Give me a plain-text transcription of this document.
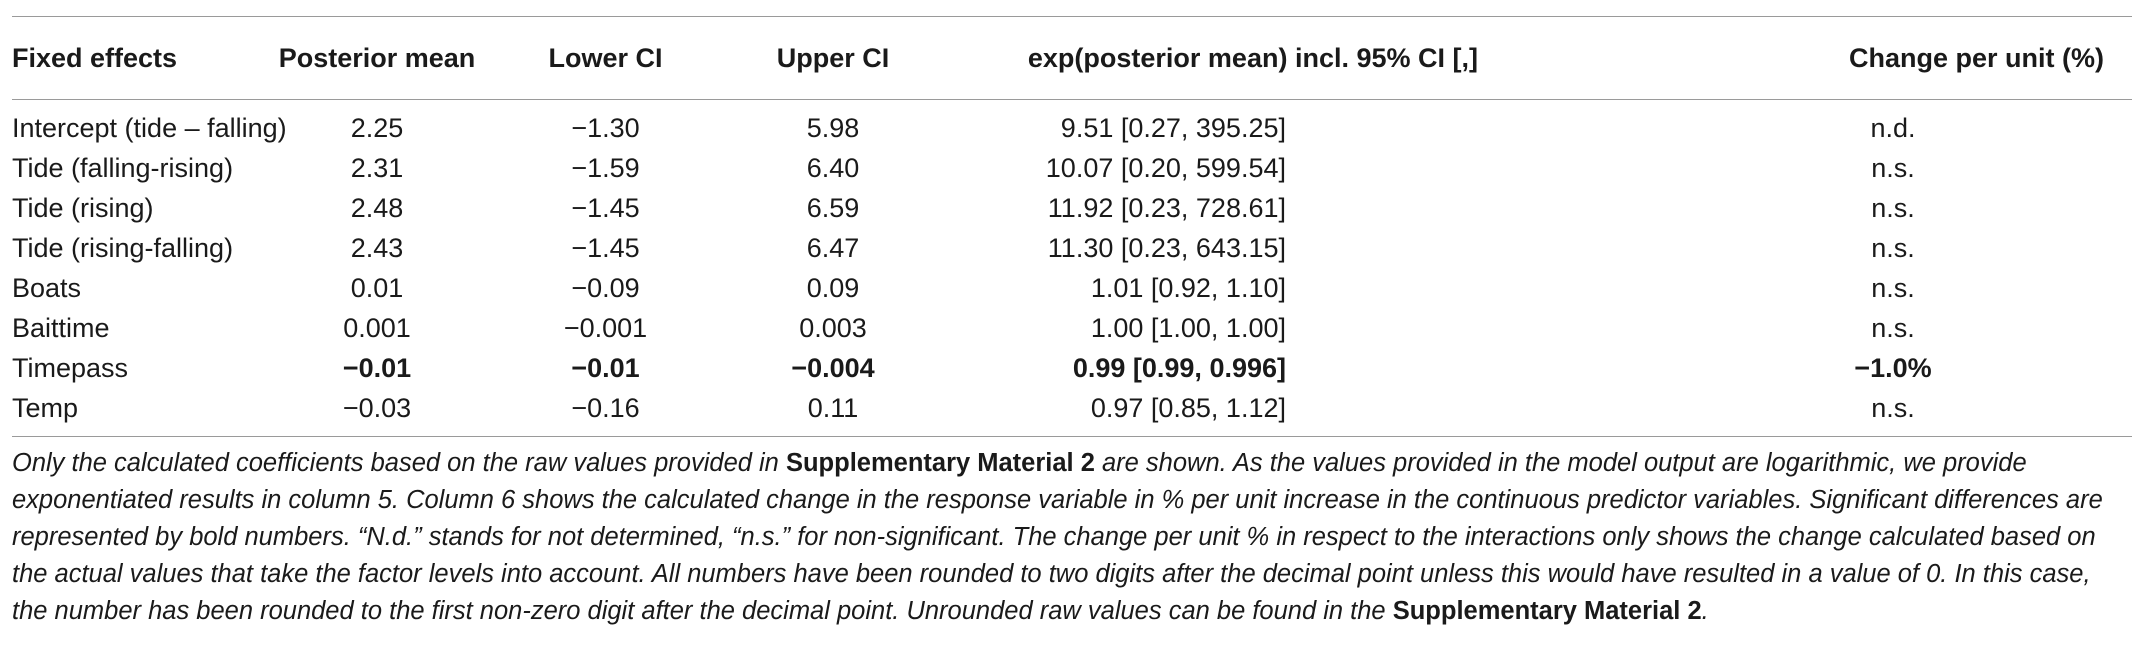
Fixed effects	Posterior mean	Lower CI	Upper CI	exp(posterior mean) incl. 95% CI [,]	Change per unit (%)
Intercept (tide – falling)	2.25	−1.30	5.98	9.51 [0.27, 395.25]	n.d.
Tide (falling-rising)	2.31	−1.59	6.40	10.07 [0.20, 599.54]	n.s.
Tide (rising)	2.48	−1.45	6.59	11.92 [0.23, 728.61]	n.s.
Tide (rising-falling)	2.43	−1.45	6.47	11.30 [0.23, 643.15]	n.s.
Boats	0.01	−0.09	0.09	1.01 [0.92, 1.10]	n.s.
Baittime	0.001	−0.001	0.003	1.00 [1.00, 1.00]	n.s.
Timepass	−0.01	−0.01	−0.004	0.99 [0.99, 0.996]	−1.0%
Temp	−0.03	−0.16	0.11	0.97 [0.85, 1.12]	n.s.

Only the calculated coefficients based on the raw values provided in Supplementary Material 2 are shown. As the values provided in the model output are logarithmic, we provide exponentiated results in column 5. Column 6 shows the calculated change in the response variable in % per unit increase in the continuous predictor variables. Significant differences are represented by bold numbers. “N.d.” stands for not determined, “n.s.” for non-significant. The change per unit % in respect to the interactions only shows the change calculated based on the actual values that take the factor levels into account. All numbers have been rounded to two digits after the decimal point unless this would have resulted in a value of 0. In this case, the number has been rounded to the first non-zero digit after the decimal point. Unrounded raw values can be found in the Supplementary Material 2.
